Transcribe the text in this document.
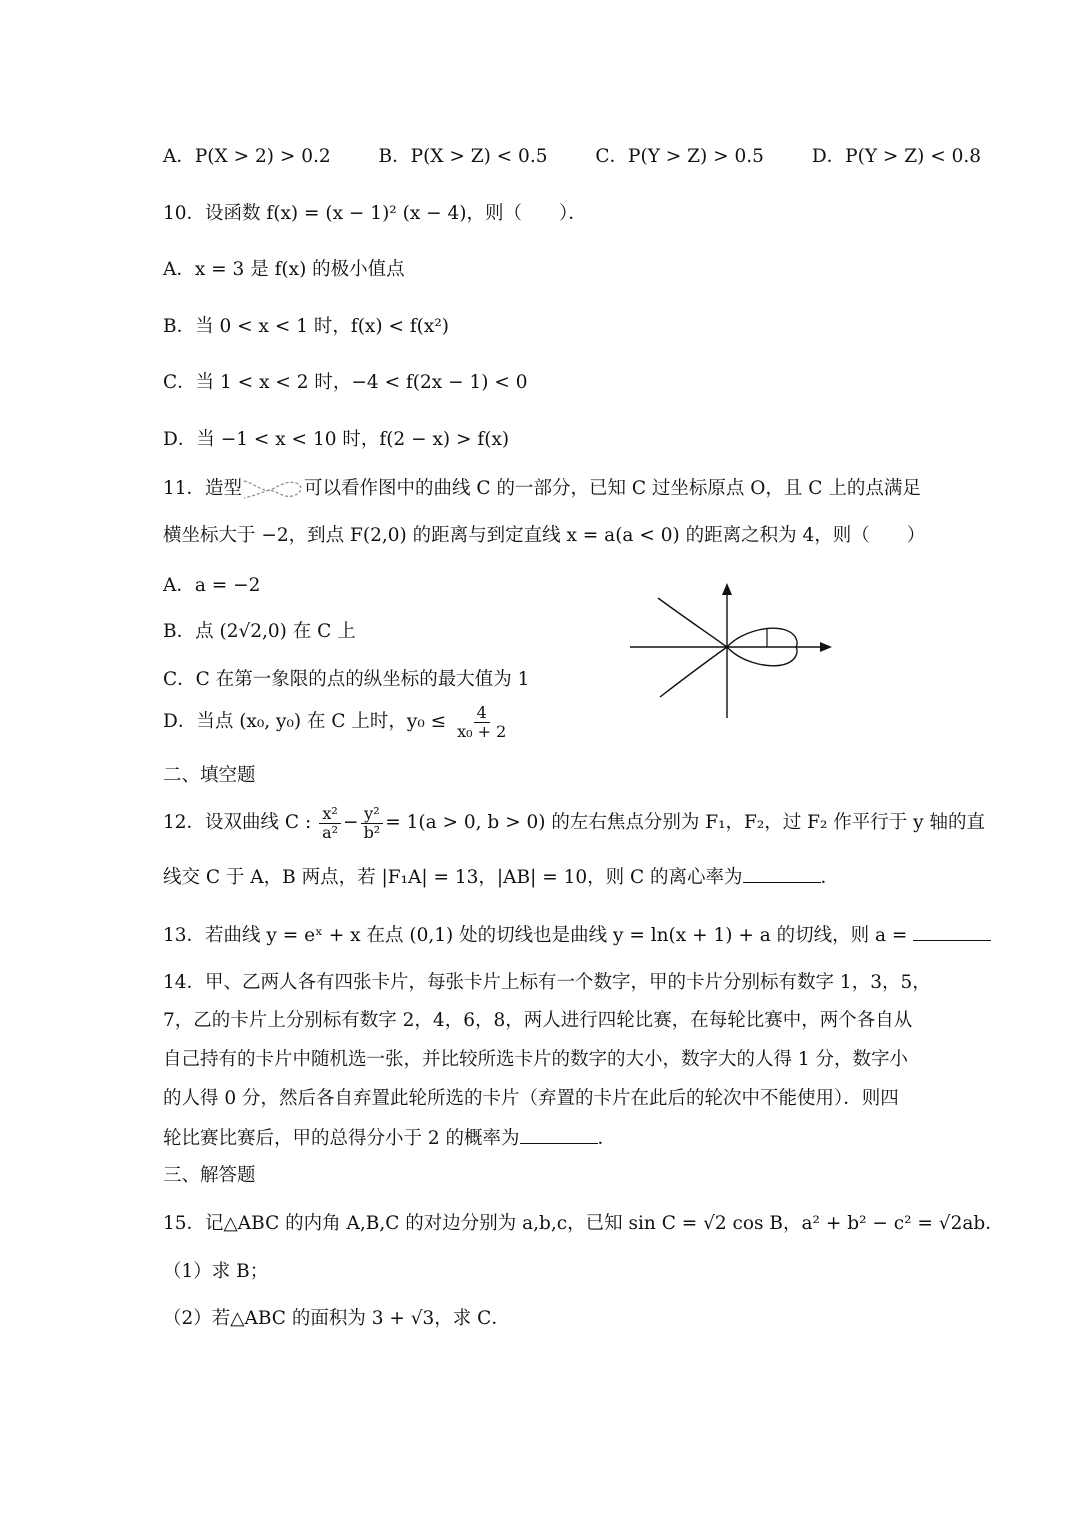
A．P(X > 2) > 0.2	B．P(X > Z) < 0.5	C．P(Y > Z) > 0.5	D．P(Y > Z) < 0.8
10．设函数 f(x) = (x − 1)² (x − 4)，则（　　）．
A．x = 3 是 f(x) 的极小值点
B．当 0 < x < 1 时，f(x) < f(x²)
C．当 1 < x < 2 时，−4 < f(2x − 1) < 0
D．当 −1 < x < 10 时，f(2 − x) > f(x)
11．造型	可以看作图中的曲线 C 的一部分，已知 C 过坐标原点 O，且 C 上的点满足
横坐标大于 −2，到点 F(2,0) 的距离与到定直线 x = a(a < 0) 的距离之积为 4，则（　　）
A．a = −2
B．点 (2√2,0) 在 C 上
C．C 在第一象限的点的纵坐标的最大值为 1
D．当点 (x₀, y₀) 在 C 上时，$y_0 \le \frac{4}{\text{x₀ + 2}}$
二、填空题
12．设双曲线 C : $\frac{\text{x²}}{\text{a²}} - \frac{\text{y²}}{\text{b²}} = 1(a > 0$, b > 0) 的左右焦点分别为 F₁，F₂，过 F₂ 作平行于 y 轴的直
线交 C 于 A，B 两点，若 |F₁A| = 13，|AB| = 10，则 C 的离心率为	．
13．若曲线 y = eˣ + x 在点 (0,1) 处的切线也是曲线 y = ln(x + 1) + a 的切线，则 a =
14．甲、乙两人各有四张卡片，每张卡片上标有一个数字，甲的卡片分别标有数字 1，3，5，
7，乙的卡片上分别标有数字 2，4，6，8，两人进行四轮比赛，在每轮比赛中，两个各自从
自己持有的卡片中随机选一张，并比较所选卡片的数字的大小，数字大的人得 1 分，数字小
的人得 0 分，然后各自弃置此轮所选的卡片（弃置的卡片在此后的轮次中不能使用）．则四
轮比赛比赛后，甲的总得分小于 2 的概率为	．
三、解答题
15．记△ABC 的内角 A,B,C 的对边分别为 a,b,c，已知 sin C = √2 cos B，a² + b² − c² = √2ab．
（1）求 B；
（2）若△ABC 的面积为 3 + √3，求 C．
